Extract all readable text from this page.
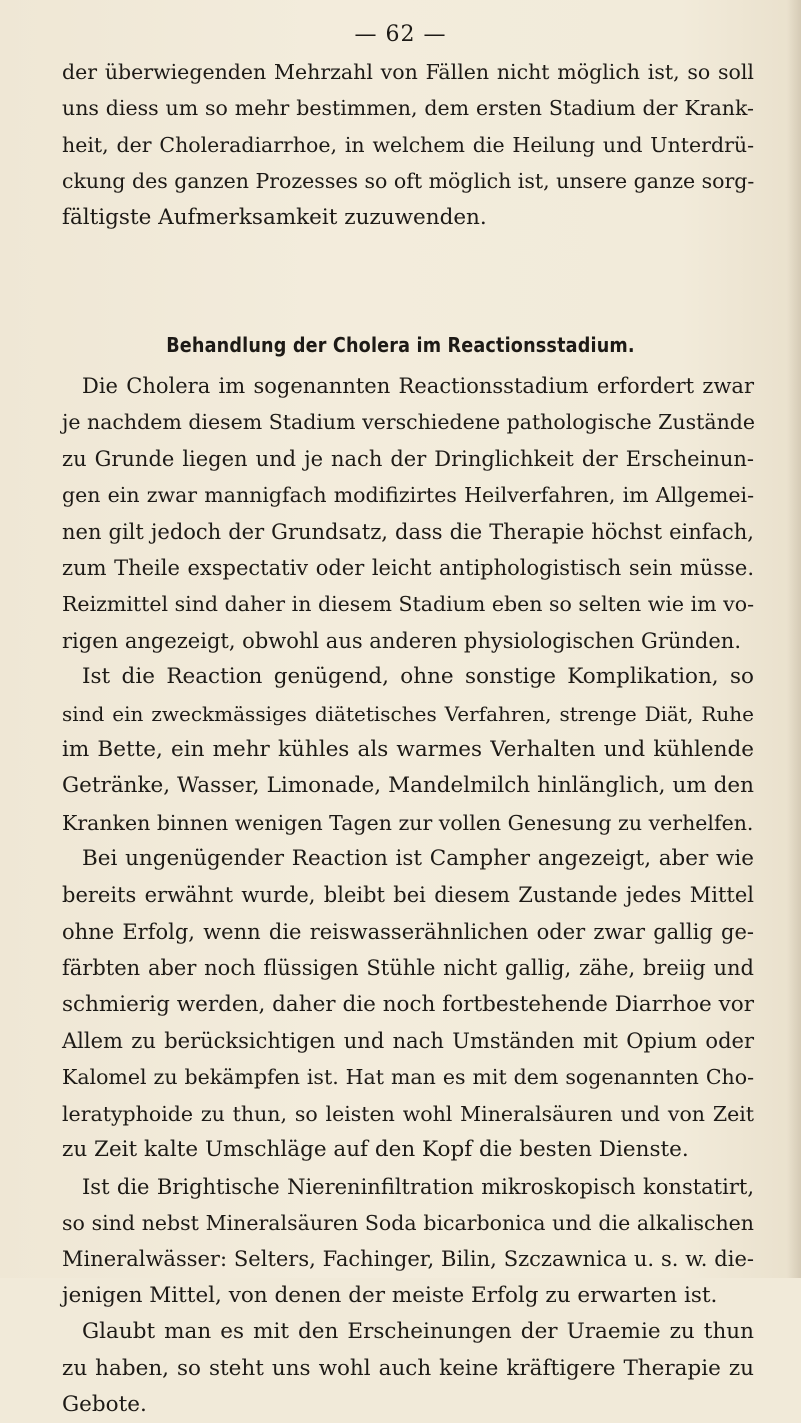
— 62 —
der überwiegenden Mehrzahl von Fällen nicht möglich ist, so soll
uns diess um so mehr bestimmen, dem ersten Stadium der Krank-
heit, der Choleradiarrhoe, in welchem die Heilung und Unterdrü-
ckung des ganzen Prozesses so oft möglich ist, unsere ganze sorg-
fältigste Aufmerksamkeit zuzuwenden.
Behandlung der Cholera im Reactionsstadium.
Die Cholera im sogenannten Reactionsstadium erfordert zwar
je nachdem diesem Stadium verschiedene pathologische Zustände
zu Grunde liegen und je nach der Dringlichkeit der Erscheinun-
gen ein zwar mannigfach modifizirtes Heilverfahren, im Allgemei-
nen gilt jedoch der Grundsatz, dass die Therapie höchst einfach,
zum Theile exspectativ oder leicht antiphologistisch sein müsse.
Reizmittel sind daher in diesem Stadium eben so selten wie im vo-
rigen angezeigt, obwohl aus anderen physiologischen Gründen.
Ist die Reaction genügend, ohne sonstige Komplikation, so
sind ein zweckmässiges diätetisches Verfahren, strenge Diät, Ruhe
im Bette, ein mehr kühles als warmes Verhalten und kühlende
Getränke, Wasser, Limonade, Mandelmilch hinlänglich, um den
Kranken binnen wenigen Tagen zur vollen Genesung zu verhelfen.
Bei ungenügender Reaction ist Campher angezeigt, aber wie
bereits erwähnt wurde, bleibt bei diesem Zustande jedes Mittel
ohne Erfolg, wenn die reiswasserähnlichen oder zwar gallig ge-
färbten aber noch flüssigen Stühle nicht gallig, zähe, breiig und
schmierig werden, daher die noch fortbestehende Diarrhoe vor
Allem zu berücksichtigen und nach Umständen mit Opium oder
Kalomel zu bekämpfen ist. Hat man es mit dem sogenannten Cho-
leratyphoide zu thun, so leisten wohl Mineralsäuren und von Zeit
zu Zeit kalte Umschläge auf den Kopf die besten Dienste.
Ist die Brightische Niereninfiltration mikroskopisch konstatirt,
so sind nebst Mineralsäuren Soda bicarbonica und die alkalischen
Mineralwässer: Selters, Fachinger, Bilin, Szczawnica u. s. w. die-
jenigen Mittel, von denen der meiste Erfolg zu erwarten ist.
Glaubt man es mit den Erscheinungen der Uraemie zu thun
zu haben, so steht uns wohl auch keine kräftigere Therapie zu
Gebote.
